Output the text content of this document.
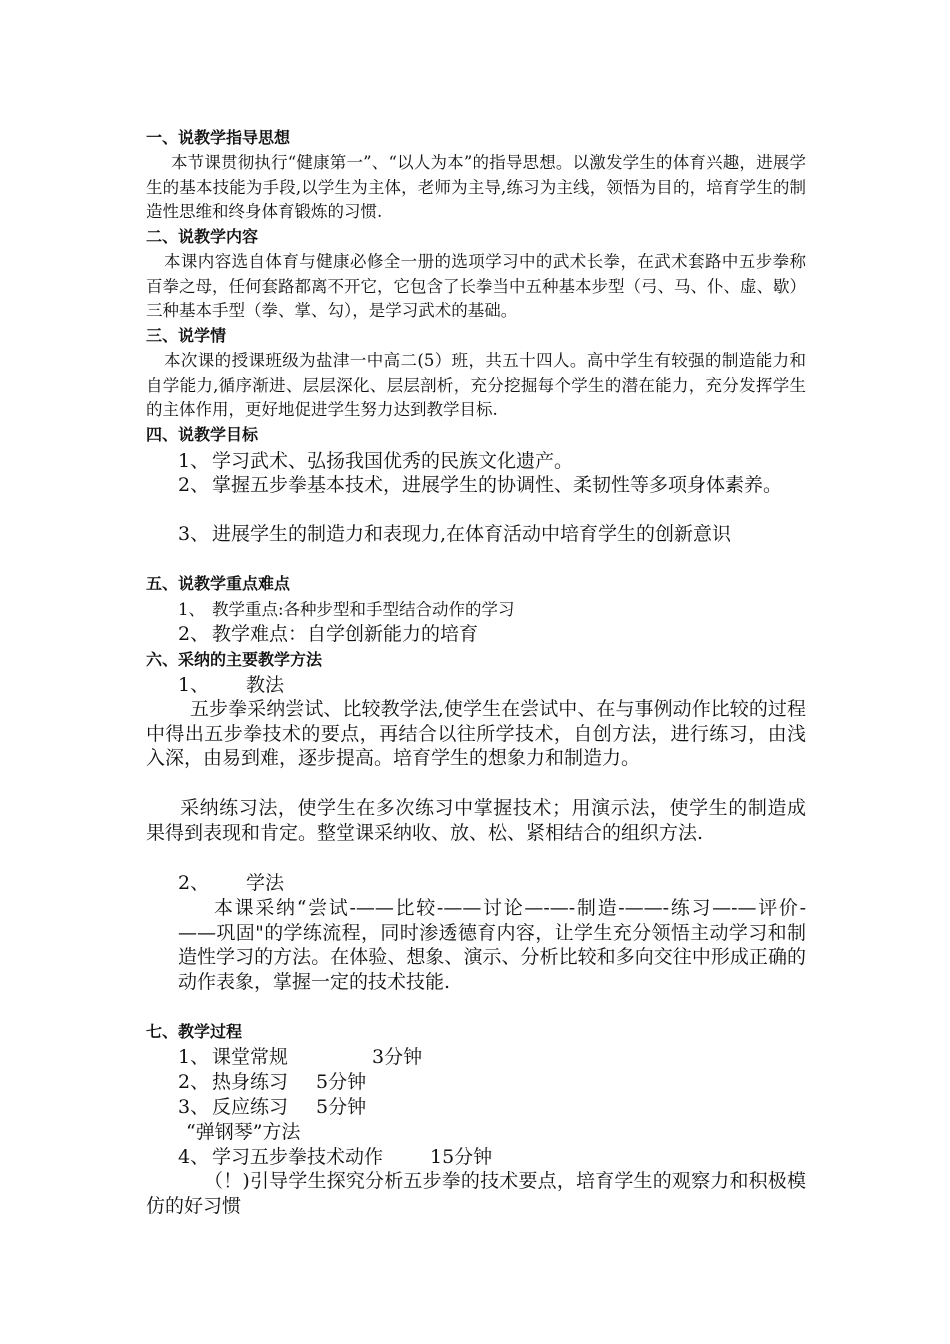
一、说教学指导思想
本节课贯彻执行“健康第一”、“以人为本”的指导思想。以激发学生的体育兴趣，进展学生的基本技能为手段,以学生为主体，老师为主导,练习为主线，领悟为目的，培育学生的制造性思维和终身体育锻炼的习惯.
二、说教学内容
本课内容选自体育与健康必修全一册的选项学习中的武术长拳，在武术套路中五步拳称百拳之母，任何套路都离不开它，它包含了长拳当中五种基本步型（弓、马、仆、虚、歇）三种基本手型（拳、掌、勾），是学习武术的基础。
三、说学情
本次课的授课班级为盐津一中高二(5）班，共五十四人。高中学生有较强的制造能力和自学能力,循序渐进、层层深化、层层剖析，充分挖掘每个学生的潜在能力，充分发挥学生的主体作用，更好地促进学生努力达到教学目标.
四、说教学目标
1、 学习武术、弘扬我国优秀的民族文化遗产。
2、 掌握五步拳基本技术，进展学生的协调性、柔韧性等多项身体素养。
3、 进展学生的制造力和表现力,在体育活动中培育学生的创新意识
五、说教学重点难点
1、 教学重点:各种步型和手型结合动作的学习
2、 教学难点：自学创新能力的培育
六、采纳的主要教学方法
1、 教法
五步拳采纳尝试、比较教学法,使学生在尝试中、在与事例动作比较的过程中得出五步拳技术的要点，再结合以往所学技术，自创方法，进行练习，由浅入深，由易到难，逐步提高。培育学生的想象力和制造力。
采纳练习法，使学生在多次练习中掌握技术；用演示法，使学生的制造成果得到表现和肯定。整堂课采纳收、放、松、紧相结合的组织方法.
2、 学法
本课采纳“尝试-——比较-——讨论—-—-制造-——-练习—-—评价-——巩固"的学练流程，同时渗透德育内容，让学生充分领悟主动学习和制造性学习的方法。在体验、想象、演示、分析比较和多向交往中形成正确的动作表象，掌握一定的技术技能.
七、教学过程
1、 课堂常规	3分钟
2、 热身练习 5分钟
3、 反应练习 5分钟
“弹钢琴”方法
4、 学习五步拳技术动作 15分钟
（！)引导学生探究分析五步拳的技术要点，培育学生的观察力和积极模仿的好习惯
